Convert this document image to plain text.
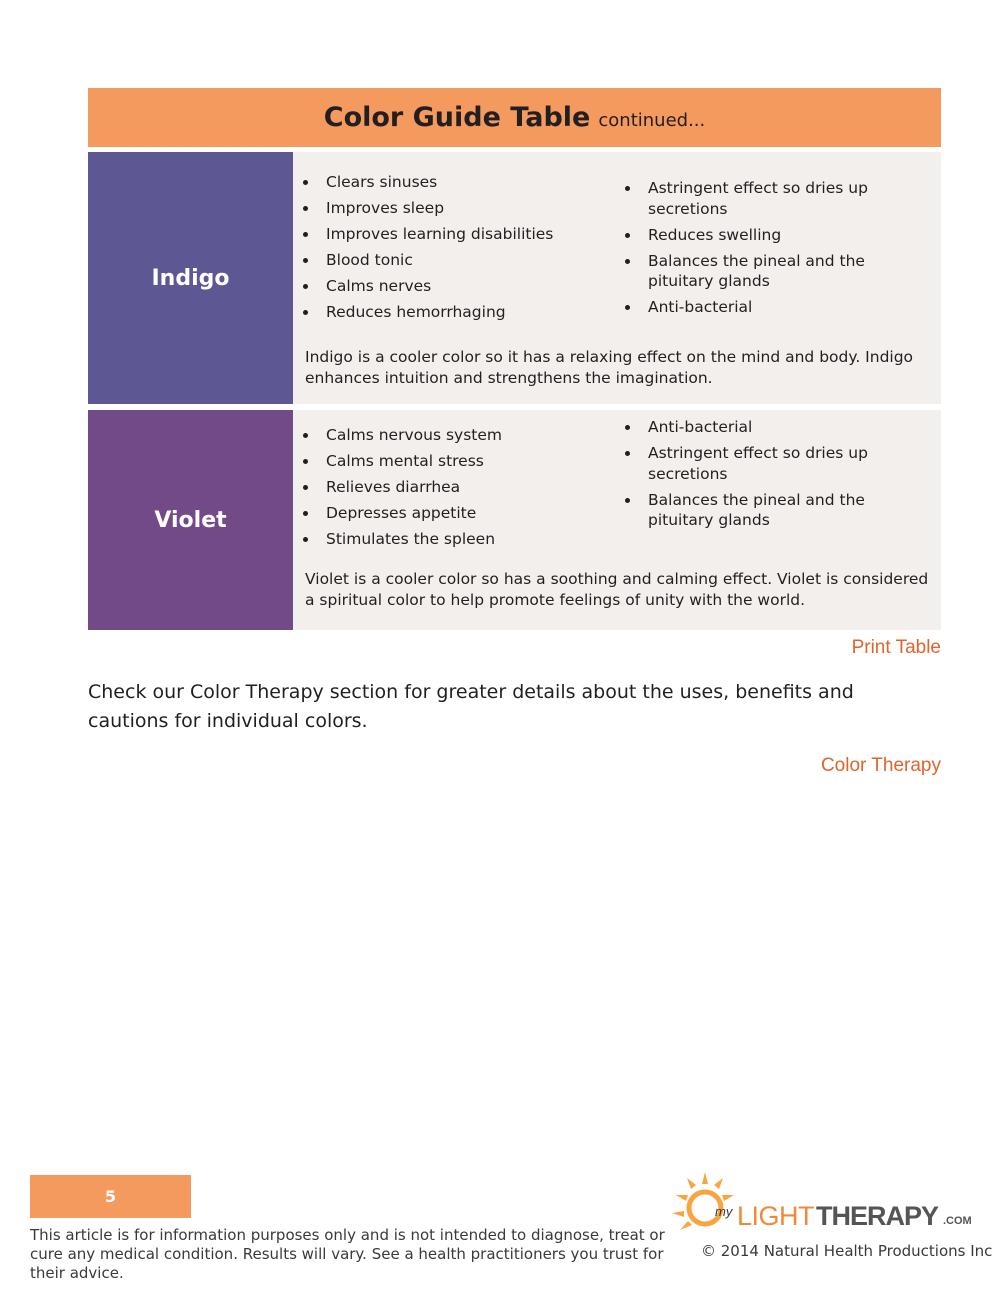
Color Guide Table continued...
Indigo
Clears sinuses
Improves sleep
Improves learning disabilities
Blood tonic
Calms nerves
Reduces hemorrhaging
Astringent effect so dries up secretions
Reduces swelling
Balances the pineal and the pituitary glands
Anti-bacterial
Indigo is a cooler color so it has a relaxing effect on the mind and body. Indigo enhances intuition and strengthens the imagination.
Violet
Calms nervous system
Calms mental stress
Relieves diarrhea
Depresses appetite
Stimulates the spleen
Anti-bacterial
Astringent effect so dries up secretions
Balances the pineal and the pituitary glands
Violet is a cooler color so has a soothing and calming effect. Violet is considered a spiritual color to help promote feelings of unity with the world.
Print Table
Check our Color Therapy section for greater details about the uses, benefits and cautions for individual colors.
Color Therapy
5
This article is for information purposes only and is not intended to diagnose, treat or cure any medical condition. Results will vary. See a health practitioners you trust for their advice.
my LIGHT THERAPY .COM
© 2014 Natural Health Productions Inc
